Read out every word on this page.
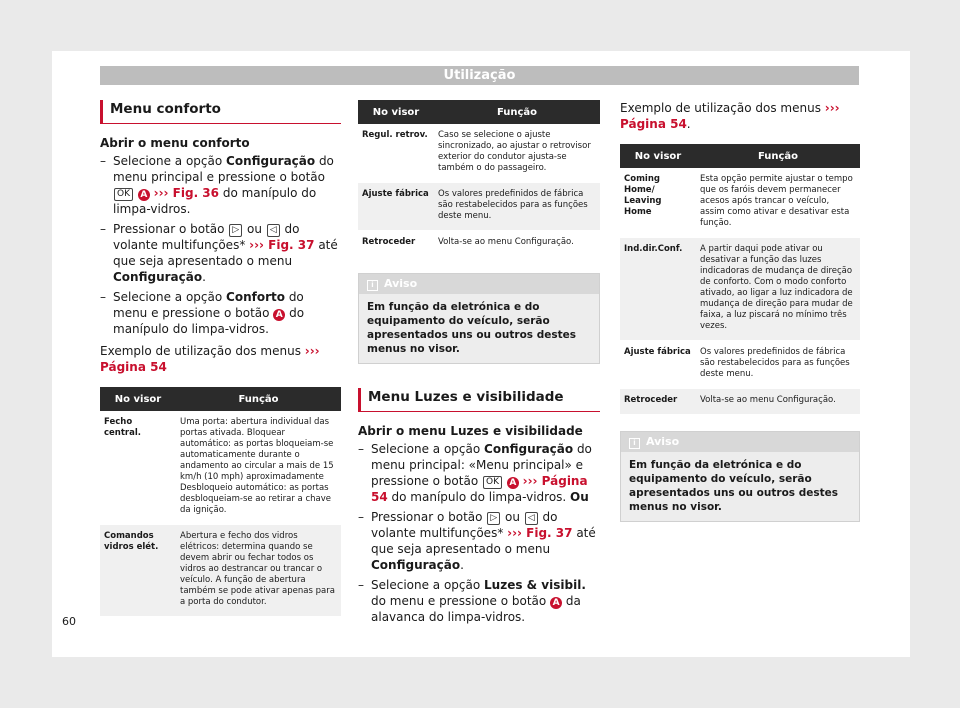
Utilização
Menu conforto
Abrir o menu conforto
– Selecione a opção Configuração do menu principal e pressione o botão OK A ››› Fig. 36 do manípulo do limpa-vidros.
– Pressionar o botão ▷ ou ◁ do volante multifunções* ››› Fig. 37 até que seja apresentado o menu Configuração.
– Selecione a opção Conforto do menu e pressione o botão A do manípulo do limpa-vidros.
Exemplo de utilização dos menus ››› Página 54
No visor	Função
Fecho central.	Uma porta: abertura individual das portas ativada. Bloquear automático: as portas bloqueiam-se automaticamente durante o andamento ao circular a mais de 15 km/h (10 mph) aproximadamente Desbloqueio automático: as portas desbloqueiam-se ao retirar a chave da ignição.
Comandos vidros elét.	Abertura e fecho dos vidros elétricos: determina quando se devem abrir ou fechar todos os vidros ao destrancar ou trancar o veículo. A função de abertura também se pode ativar apenas para a porta do condutor.
No visor	Função
Regul. retrov.	Caso se selecione o ajuste sincronizado, ao ajustar o retrovisor exterior do condutor ajusta-se também o do passageiro.
Ajuste fábrica	Os valores predefinidos de fábrica são restabelecidos para as funções deste menu.
Retroceder	Volta-se ao menu Configuração.
i Aviso
Em função da eletrónica e do equipamento do veículo, serão apresentados uns ou outros destes menus no visor.
Menu Luzes e visibilidade
Abrir o menu Luzes e visibilidade
– Selecione a opção Configuração do menu principal: «Menu principal» e pressione o botão OK A ››› Página 54 do manípulo do limpa-vidros. Ou
– Pressionar o botão ▷ ou ◁ do volante multifunções* ››› Fig. 37 até que seja apresentado o menu Configuração.
– Selecione a opção Luzes & visibil. do menu e pressione o botão A da alavanca do limpa-vidros.
Exemplo de utilização dos menus ››› Página 54.
No visor	Função
Coming Home/ Leaving Home	Esta opção permite ajustar o tempo que os faróis devem permanecer acesos após trancar o veículo, assim como ativar e desativar esta função.
Ind.dir.Conf.	A partir daqui pode ativar ou desativar a função das luzes indicadoras de mudança de direção de conforto. Com o modo conforto ativado, ao ligar a luz indicadora de mudança de direção para mudar de faixa, a luz piscará no mínimo três vezes.
Ajuste fábrica	Os valores predefinidos de fábrica são restabelecidos para as funções deste menu.
Retroceder	Volta-se ao menu Configuração.
i Aviso
Em função da eletrónica e do equipamento do veículo, serão apresentados uns ou outros destes menus no visor.
60
